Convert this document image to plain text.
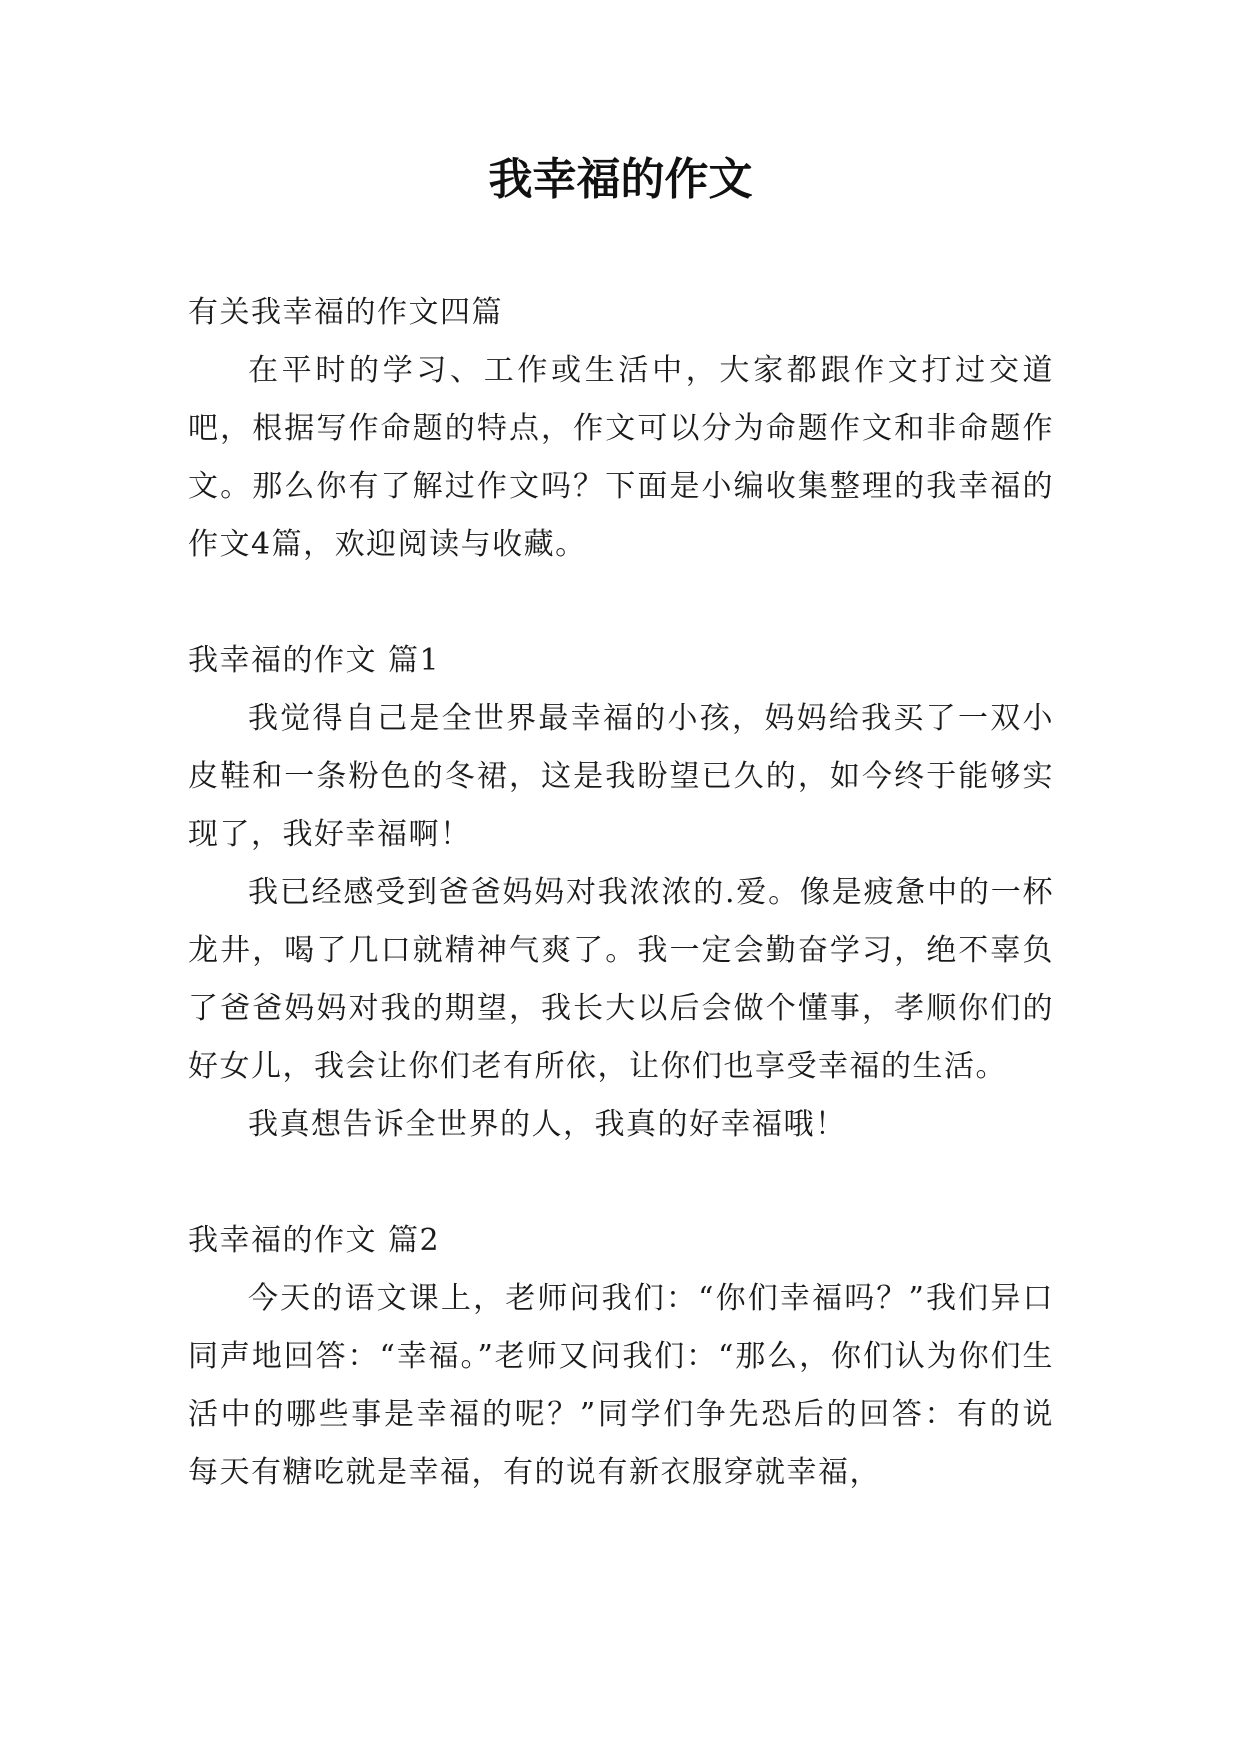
我幸福的作文

有关我幸福的作文四篇

在平时的学习、工作或生活中，大家都跟作文打过交道吧，根据写作命题的特点，作文可以分为命题作文和非命题作文。那么你有了解过作文吗？下面是小编收集整理的我幸福的作文4篇，欢迎阅读与收藏。

我幸福的作文 篇1

我觉得自己是全世界最幸福的小孩，妈妈给我买了一双小皮鞋和一条粉色的冬裙，这是我盼望已久的，如今终于能够实现了，我好幸福啊！

我已经感受到爸爸妈妈对我浓浓的.爱。像是疲惫中的一杯龙井，喝了几口就精神气爽了。我一定会勤奋学习，绝不辜负了爸爸妈妈对我的期望，我长大以后会做个懂事，孝顺你们的好女儿，我会让你们老有所依，让你们也享受幸福的生活。

我真想告诉全世界的人，我真的好幸福哦！

我幸福的作文 篇2

今天的语文课上，老师问我们：“你们幸福吗？”我们异口同声地回答：“幸福。”老师又问我们：“那么，你们认为你们生活中的哪些事是幸福的呢？”同学们争先恐后的回答：有的说每天有糖吃就是幸福，有的说有新衣服穿就幸福，
